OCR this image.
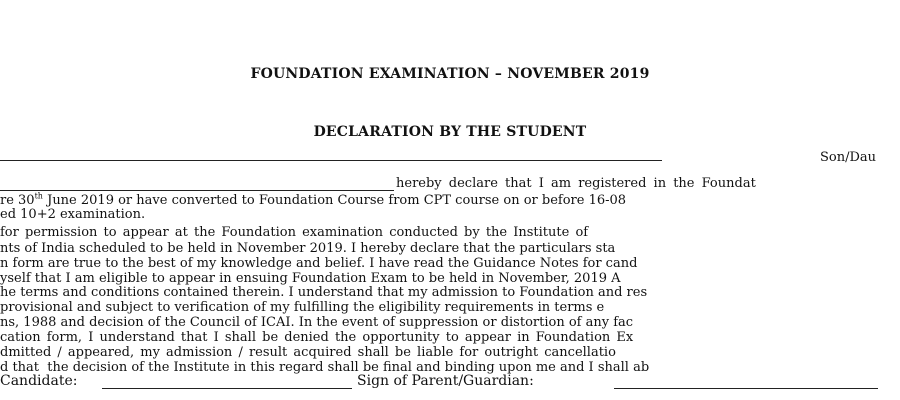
FOUNDATION EXAMINATION – NOVEMBER 2019
DECLARATION BY THE STUDENT
Son/Dau
hereby declare that I am registered in the Foundat
re 30th June 2019 or have converted to Foundation Course from CPT course on or before 16-08
ed 10+2 examination.
for permission to appear at the Foundation examination conducted by the Institute of
nts of India scheduled to be held in November 2019. I hereby declare that the particulars sta
n form are true to the best of my knowledge and belief. I have read the Guidance Notes for cand
yself that I am eligible to appear in ensuing Foundation Exam to be held in November, 2019 A
he terms and conditions contained therein. I understand that my admission to Foundation and res
provisional and subject to verification of my fulfilling the eligibility requirements in terms e
ns, 1988 and decision of the Council of ICAI. In the event of suppression or distortion of any fac
cation form, I understand that I shall be denied the opportunity to appear in Foundation Ex
dmitted / appeared, my admission / result acquired shall be liable for outright cancellatio
d that  the decision of the Institute in this regard shall be final and binding upon me and I shall ab
Candidate:	Sign of Parent/Guardian:
